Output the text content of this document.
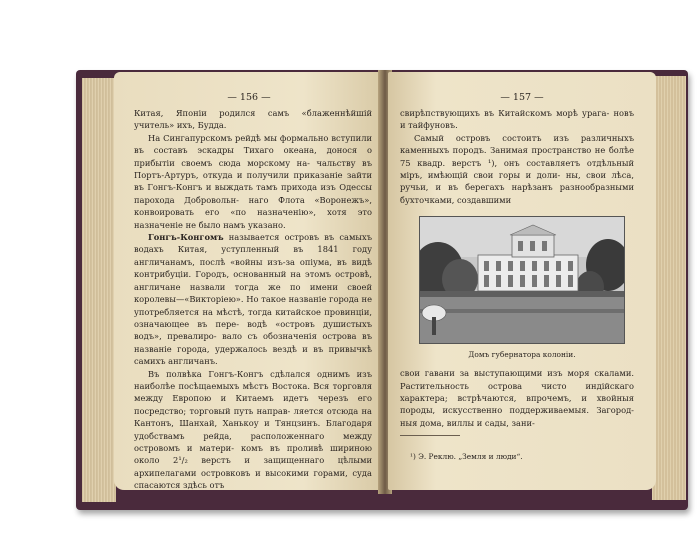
— 156 —
Китая, Японіи родился самъ «блаженнѣйшій учитель» ихъ, Будда.
На Сингапурскомъ рейдѣ мы формально вступили въ составъ эскадры Тихаго океана, донося о прибытіи своемъ сюда морскому на- чальству въ Портъ-Артуръ, откуда и получили приказаніе зайти въ Гонгъ-Конгъ и выждать тамъ прихода изъ Одессы парохода Добровольн- наго Флота «Воронежъ», конвоировать его «по назначенію», хотя это назначеніе не было намъ указано.
Гонгъ-Конгомъ называется островъ въ самыхъ водахъ Китая, уступленный въ 1841 году англичанамъ, послѣ «войны изъ-за опіума, въ видѣ контрибуціи. Городъ, основанный на этомъ островѣ, англичане назвали тогда же по имени своей королевы—«Викторіею». Но такое названіе города не употребляется на мѣстѣ, тогда китайское провинціи, означающее въ пере- водѣ «островъ душистыхъ водъ», превалиро- вало съ обозначенія острова въ названіе города, удержалось вездѣ и въ привычкѣ самихъ англичанъ.
Въ полвѣка Гонгъ-Конгъ сдѣлался однимъ изъ наиболѣе посѣщаемыхъ мѣстъ Востока. Вся торговля между Европою и Китаемъ идетъ черезъ его посредство; торговый путь направ- ляется отсюда на Кантонъ, Шанхай, Ханькоу и Тянцзинъ. Благодаря удобствамъ рейда, расположеннаго между островомъ и матери- комъ въ проливѣ шириною около 2¹/₂ верстъ и защищеннаго цѣлыми архипелагами островковъ и высокими горами, суда спасаются здѣсь отъ
— 157 —
свирѣпствующихъ въ Китайскомъ морѣ урага- новъ и тайфуновъ.
Самый островъ состоитъ изъ различныхъ каменныхъ породъ. Занимая пространство не болѣе 75 квадр. верстъ ¹), онъ составляетъ отдѣльный міръ, имѣющій свои горы и доли- ны, свои лѣса, ручьи, и въ берегахъ нарѣзанъ разнообразными бухточками, создавшими
Домъ губернатора колоніи.
свои гавани за выступающими изъ моря скалами. Растительность острова чисто индійскаго характера; встрѣчаются, впрочемъ, и хвойныя породы, искусственно поддерживаемыя. Загород- ныя дома, виллы и сады, зани-
¹) Э. Реклю. „Земля и люди“.
